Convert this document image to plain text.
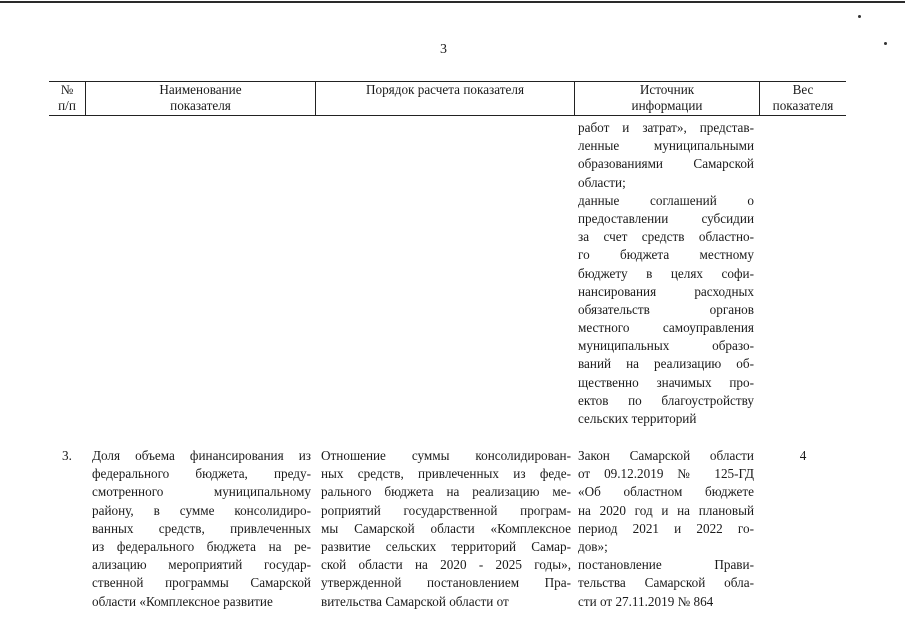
3
№
п/п
Наименование
показателя
Порядок расчета показателя	Источник
информации
Вес
показателя
работ и затрат», представ-
ленные муниципальными
образованиями Самарской
области;
данные соглашений о
предоставлении субсидии
за счет средств областно-
го бюджета местному
бюджету в целях софи-
нансирования расходных
обязательств органов
местного самоуправления
муниципальных образо-
ваний на реализацию об-
щественно значимых про-
ектов по благоустройству
сельских территорий
3.	Доля объема финансирования из
федерального бюджета, преду-
смотренного муниципальному
району, в сумме консолидиро-
ванных средств, привлеченных
из федерального бюджета на ре-
ализацию мероприятий государ-
ственной программы Самарской
области «Комплексное развитие
Отношение суммы консолидирован-
ных средств, привлеченных из феде-
рального бюджета на реализацию ме-
роприятий государственной програм-
мы Самарской области «Комплексное
развитие сельских территорий Самар-
ской области на 2020 - 2025 годы»,
утвержденной постановлением Пра-
вительства Самарской области от
Закон Самарской области
от 09.12.2019 № 125-ГД
«Об областном бюджете
на 2020 год и на плановый
период 2021 и 2022 го-
дов»;
постановление Прави-
тельства Самарской обла-
сти от 27.11.2019 № 864
4
